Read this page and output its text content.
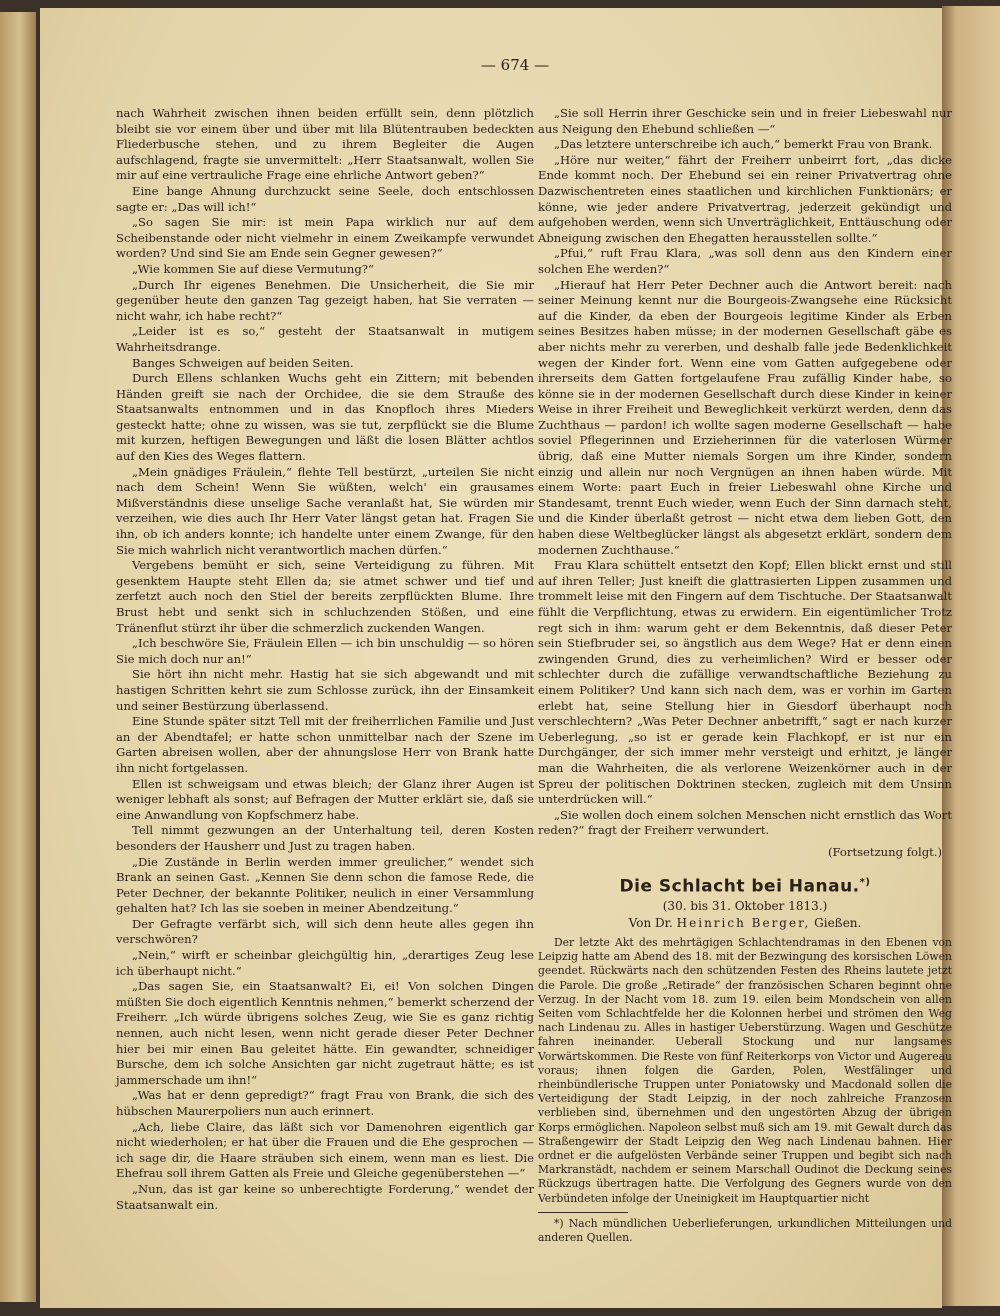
— 674 —

nach Wahrheit zwischen ihnen beiden erfüllt sein, denn plötzlich bleibt sie vor einem über und über mit lila Blütentrauben bedeckten Fliederbusche stehen, und zu ihrem Begleiter die Augen aufschlagend, fragte sie unvermittelt: „Herr Staatsanwalt, wollen Sie mir auf eine vertrauliche Frage eine ehrliche Antwort geben?“

Eine bange Ahnung durchzuckt seine Seele, doch entschlossen sagte er: „Das will ich!“

„So sagen Sie mir: ist mein Papa wirklich nur auf dem Scheibenstande oder nicht vielmehr in einem Zweikampfe verwundet worden? Und sind Sie am Ende sein Gegner gewesen?“

„Wie kommen Sie auf diese Vermutung?“

„Durch Ihr eigenes Benehmen. Die Unsicherheit, die Sie mir gegenüber heute den ganzen Tag gezeigt haben, hat Sie verraten — nicht wahr, ich habe recht?“

„Leider ist es so,“ gesteht der Staatsanwalt in mutigem Wahrheitsdrange.

Banges Schweigen auf beiden Seiten.

Durch Ellens schlanken Wuchs geht ein Zittern; mit bebenden Händen greift sie nach der Orchidee, die sie dem Strauße des Staatsanwalts entnommen und in das Knopfloch ihres Mieders gesteckt hatte; ohne zu wissen, was sie tut, zerpflückt sie die Blume mit kurzen, heftigen Bewegungen und läßt die losen Blätter achtlos auf den Kies des Weges flattern.

„Mein gnädiges Fräulein,“ flehte Tell bestürzt, „urteilen Sie nicht nach dem Schein! Wenn Sie wüßten, welch' ein grausames Mißverständnis diese unselige Sache veranlaßt hat, Sie würden mir verzeihen, wie dies auch Ihr Herr Vater längst getan hat. Fragen Sie ihn, ob ich anders konnte; ich handelte unter einem Zwange, für den Sie mich wahrlich nicht verantwortlich machen dürfen.“

Vergebens bemüht er sich, seine Verteidigung zu führen. Mit gesenktem Haupte steht Ellen da; sie atmet schwer und tief und zerfetzt auch noch den Stiel der bereits zerpflückten Blume. Ihre Brust hebt und senkt sich in schluchzenden Stößen, und eine Tränenflut stürzt ihr über die schmerzlich zuckenden Wangen.

„Ich beschwöre Sie, Fräulein Ellen — ich bin unschuldig — so hören Sie mich doch nur an!“

Sie hört ihn nicht mehr. Hastig hat sie sich abgewandt und mit hastigen Schritten kehrt sie zum Schlosse zurück, ihn der Einsamkeit und seiner Bestürzung überlassend.

Eine Stunde später sitzt Tell mit der freiherrlichen Familie und Just an der Abendtafel; er hatte schon unmittelbar nach der Szene im Garten abreisen wollen, aber der ahnungslose Herr von Brank hatte ihn nicht fortgelassen.

Ellen ist schweigsam und etwas bleich; der Glanz ihrer Augen ist weniger lebhaft als sonst; auf Befragen der Mutter erklärt sie, daß sie eine Anwandlung von Kopfschmerz habe.

Tell nimmt gezwungen an der Unterhaltung teil, deren Kosten besonders der Hausherr und Just zu tragen haben.

„Die Zustände in Berlin werden immer greulicher,“ wendet sich Brank an seinen Gast. „Kennen Sie denn schon die famose Rede, die Peter Dechner, der bekannte Politiker, neulich in einer Versammlung gehalten hat? Ich las sie soeben in meiner Abendzeitung.“

Der Gefragte verfärbt sich, will sich denn heute alles gegen ihn verschwören?

„Nein,“ wirft er scheinbar gleichgültig hin, „derartiges Zeug lese ich überhaupt nicht.“

„Das sagen Sie, ein Staatsanwalt? Ei, ei! Von solchen Dingen müßten Sie doch eigentlich Kenntnis nehmen,“ bemerkt scherzend der Freiherr. „Ich würde übrigens solches Zeug, wie Sie es ganz richtig nennen, auch nicht lesen, wenn nicht gerade dieser Peter Dechner hier bei mir einen Bau geleitet hätte. Ein gewandter, schneidiger Bursche, dem ich solche Ansichten gar nicht zugetraut hätte; es ist jammerschade um ihn!“

„Was hat er denn gepredigt?“ fragt Frau von Brank, die sich des hübschen Maurerpoliers nun auch erinnert.

„Ach, liebe Claire, das läßt sich vor Damenohren eigentlich gar nicht wiederholen; er hat über die Frauen und die Ehe gesprochen — ich sage dir, die Haare sträuben sich einem, wenn man es liest. Die Ehefrau soll ihrem Gatten als Freie und Gleiche gegenüberstehen —“

„Nun, das ist gar keine so unberechtigte Forderung,“ wendet der Staatsanwalt ein.

„Sie soll Herrin ihrer Geschicke sein und in freier Liebeswahl nur aus Neigung den Ehebund schließen —“

„Das letztere unterschreibe ich auch,“ bemerkt Frau von Brank.

„Höre nur weiter,“ fährt der Freiherr unbeirrt fort, „das dicke Ende kommt noch. Der Ehebund sei ein reiner Privatvertrag ohne Dazwischentreten eines staatlichen und kirchlichen Funktionärs; er könne, wie jeder andere Privatvertrag, jederzeit gekündigt und aufgehoben werden, wenn sich Unverträglichkeit, Enttäuschung oder Abneigung zwischen den Ehegatten herausstellen sollte.“

„Pfui,“ ruft Frau Klara, „was soll denn aus den Kindern einer solchen Ehe werden?“

„Hierauf hat Herr Peter Dechner auch die Antwort bereit: nach seiner Meinung kennt nur die Bourgeois-Zwangsehe eine Rücksicht auf die Kinder, da eben der Bourgeois legitime Kinder als Erben seines Besitzes haben müsse; in der modernen Gesellschaft gäbe es aber nichts mehr zu vererben, und deshalb falle jede Bedenklichkeit wegen der Kinder fort. Wenn eine vom Gatten aufgegebene oder ihrerseits dem Gatten fortgelaufene Frau zufällig Kinder habe, so könne sie in der modernen Gesellschaft durch diese Kinder in keiner Weise in ihrer Freiheit und Beweglichkeit verkürzt werden, denn das Zuchthaus — pardon! ich wollte sagen moderne Gesellschaft — habe soviel Pflegerinnen und Erzieherinnen für die vaterlosen Würmer übrig, daß eine Mutter niemals Sorgen um ihre Kinder, sondern einzig und allein nur noch Vergnügen an ihnen haben würde. Mit einem Worte: paart Euch in freier Liebeswahl ohne Kirche und Standesamt, trennt Euch wieder, wenn Euch der Sinn darnach steht, und die Kinder überlaßt getrost — nicht etwa dem lieben Gott, den haben diese Weltbeglücker längst als abgesetzt erklärt, sondern dem modernen Zuchthause.“

Frau Klara schüttelt entsetzt den Kopf; Ellen blickt ernst und still auf ihren Teller; Just kneift die glattrasierten Lippen zusammen und trommelt leise mit den Fingern auf dem Tischtuche. Der Staatsanwalt fühlt die Verpflichtung, etwas zu erwidern. Ein eigentümlicher Trotz regt sich in ihm: warum geht er dem Bekenntnis, daß dieser Peter sein Stiefbruder sei, so ängstlich aus dem Wege? Hat er denn einen zwingenden Grund, dies zu verheimlichen? Wird er besser oder schlechter durch die zufällige verwandtschaftliche Beziehung zu einem Politiker? Und kann sich nach dem, was er vorhin im Garten erlebt hat, seine Stellung hier in Giesdorf überhaupt noch verschlechtern? „Was Peter Dechner anbetrifft,“ sagt er nach kurzer Ueberlegung, „so ist er gerade kein Flachkopf, er ist nur ein Durchgänger, der sich immer mehr versteigt und erhitzt, je länger man die Wahrheiten, die als verlorene Weizenkörner auch in der Spreu der politischen Doktrinen stecken, zugleich mit dem Unsinn unterdrücken will.“

„Sie wollen doch einem solchen Menschen nicht ernstlich das Wort reden?“ fragt der Freiherr verwundert.

(Fortsetzung folgt.)
Die Schlacht bei Hanau.*)
(30. bis 31. Oktober 1813.)
Von Dr. Heinrich Berger, Gießen.

Der letzte Akt des mehrtägigen Schlachtendramas in den Ebenen von Leipzig hatte am Abend des 18. mit der Bezwingung des korsischen Löwen geendet. Rückwärts nach den schützenden Festen des Rheins lautete jetzt die Parole. Die große „Retirade“ der französischen Scharen beginnt ohne Verzug. In der Nacht vom 18. zum 19. eilen beim Mondschein von allen Seiten vom Schlachtfelde her die Kolonnen herbei und strömen den Weg nach Lindenau zu. Alles in hastiger Ueberstürzung. Wagen und Geschütze fahren ineinander. Ueberall Stockung und nur langsames Vorwärtskommen. Die Reste von fünf Reiterkorps von Victor und Augereau voraus; ihnen folgen die Garden, Polen, Westfälinger und rheinbündlerische Truppen unter Poniatowsky und Macdonald sollen die Verteidigung der Stadt Leipzig, in der noch zahlreiche Franzosen verblieben sind, übernehmen und den ungestörten Abzug der übrigen Korps ermöglichen. Napoleon selbst muß sich am 19. mit Gewalt durch das Straßengewirr der Stadt Leipzig den Weg nach Lindenau bahnen. Hier ordnet er die aufgelösten Verbände seiner Truppen und begibt sich nach Markranstädt, nachdem er seinem Marschall Oudinot die Deckung seines Rückzugs übertragen hatte. Die Verfolgung des Gegners wurde von den Verbündeten infolge der Uneinigkeit im Hauptquartier nicht

*) Nach mündlichen Ueberlieferungen, urkundlichen Mitteilungen und anderen Quellen.
